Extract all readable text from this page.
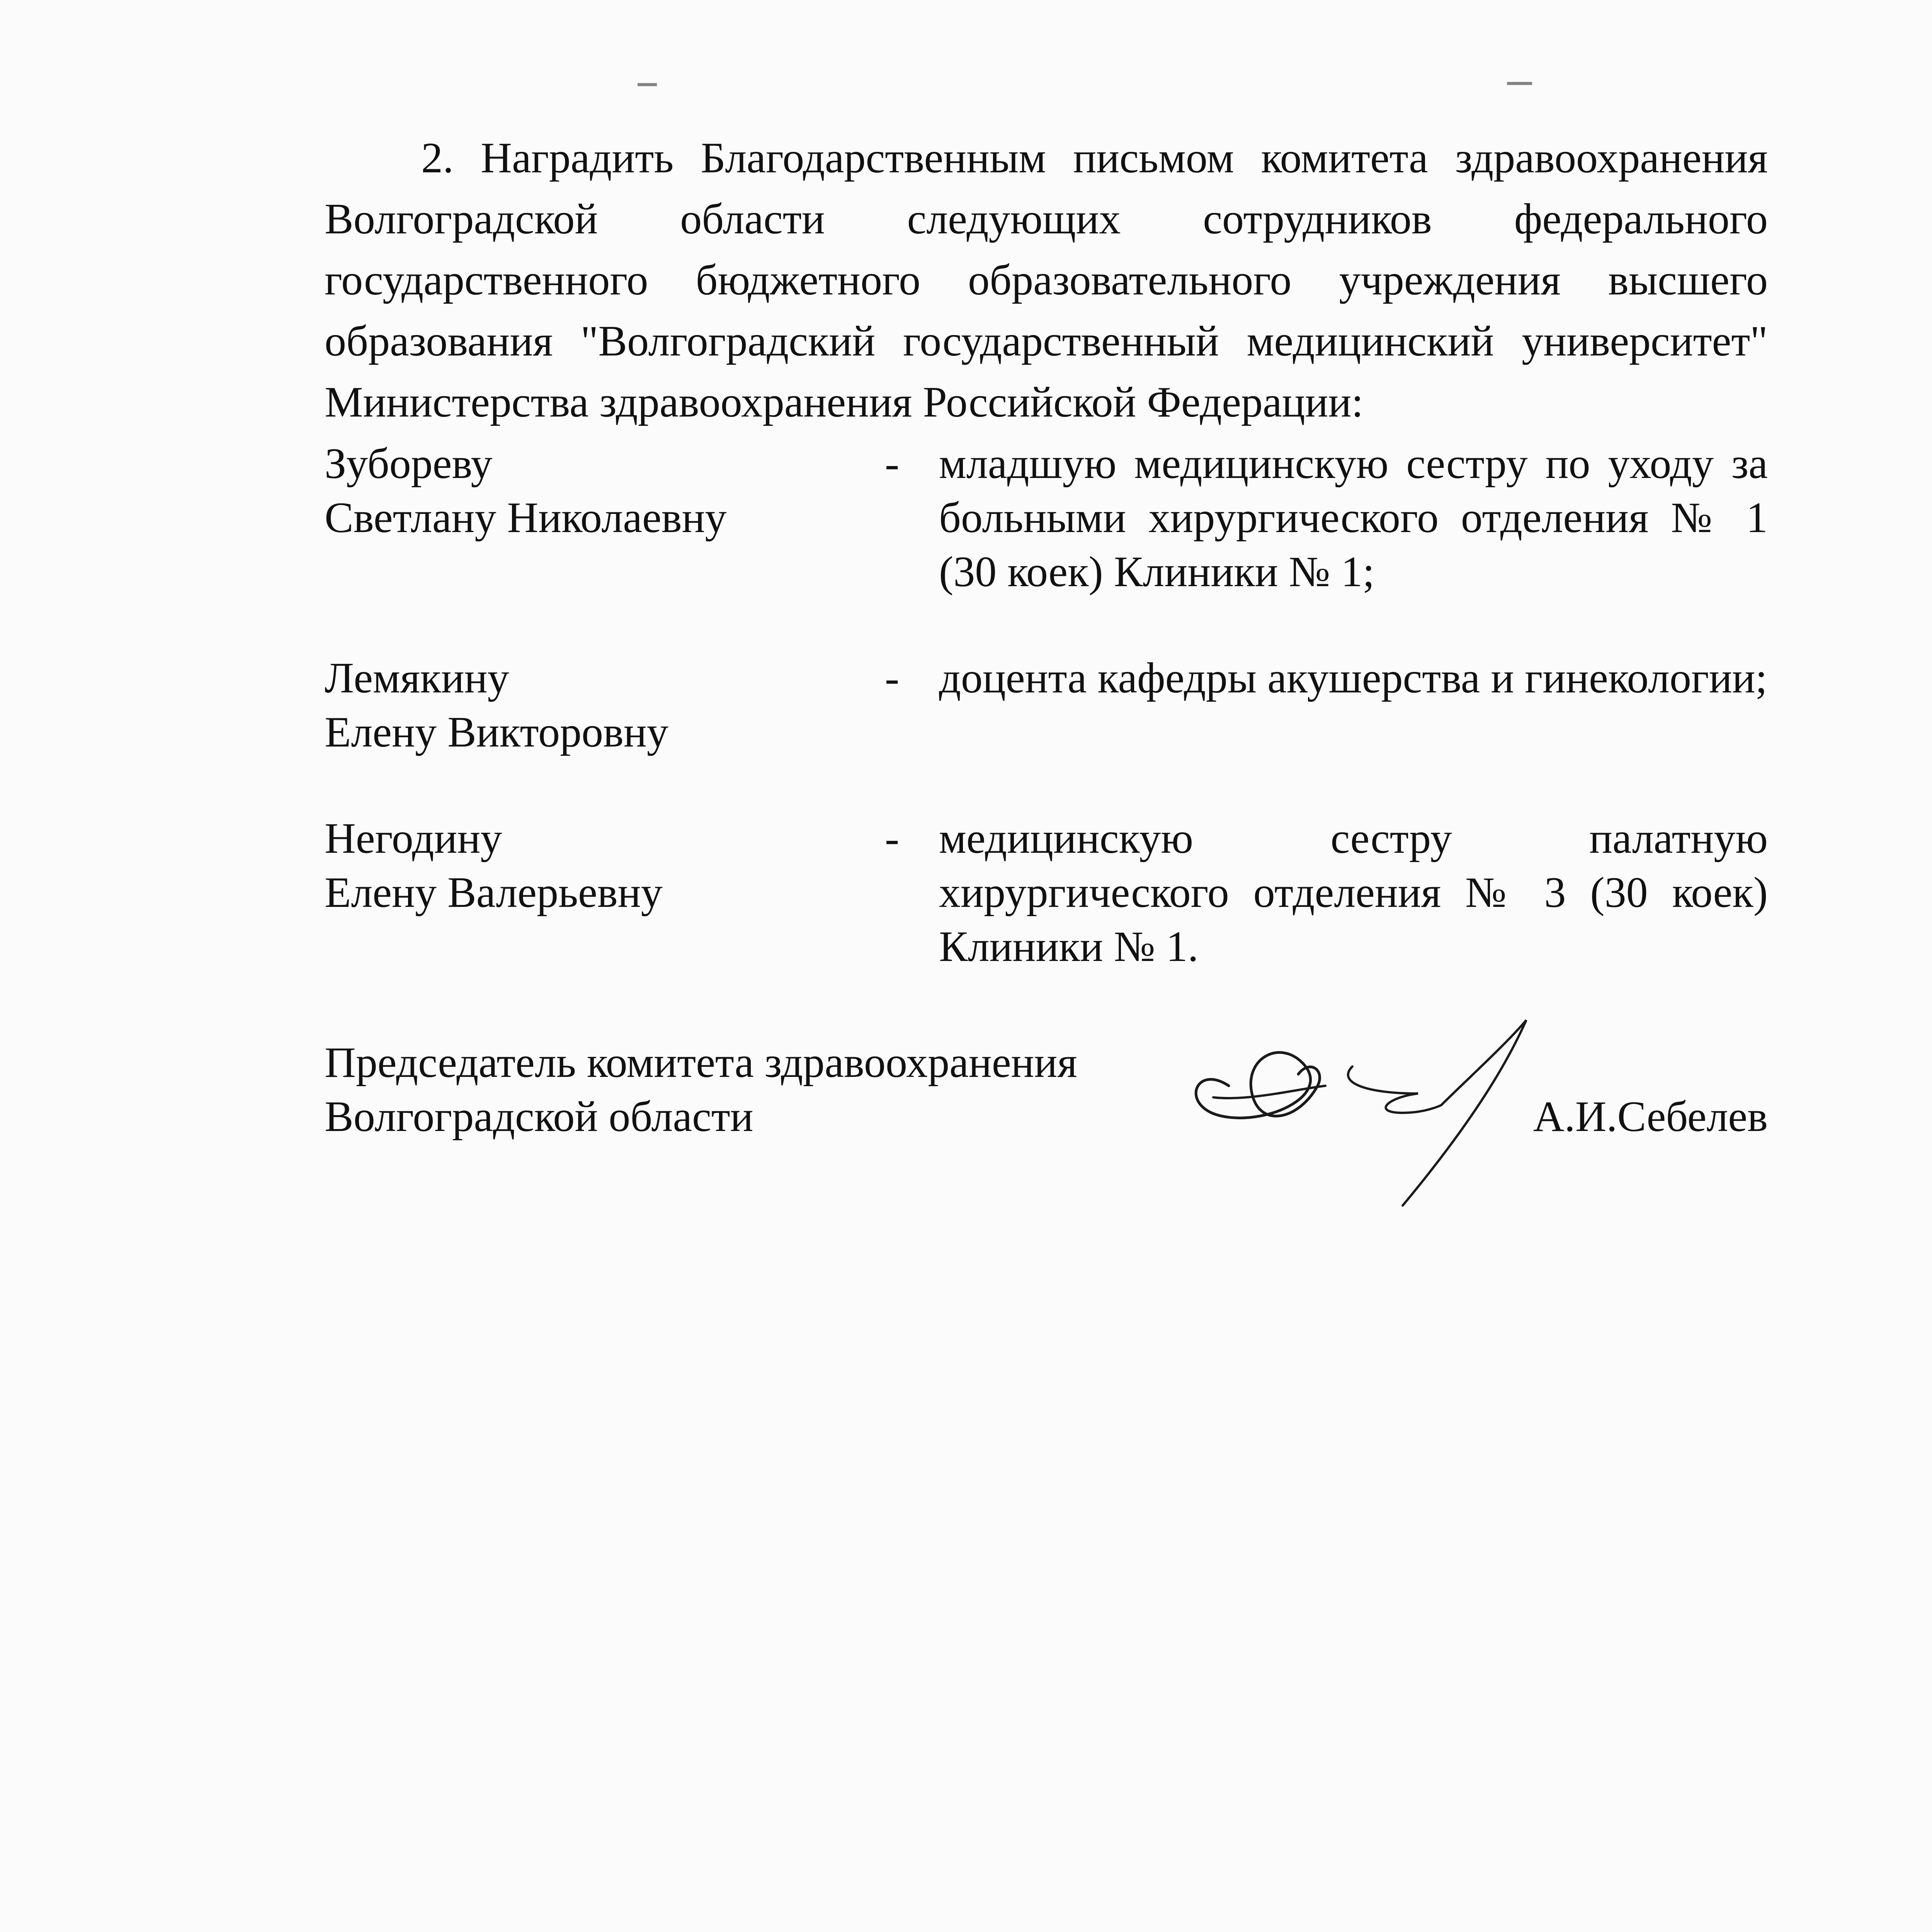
2. Наградить Благодарственным письмом комитета здравоохранения Волгоградской области следующих сотрудников федерального государственного бюджетного образовательного учреждения высшего образования "Волгоградский государственный медицинский университет" Министерства здравоохранения Российской Федерации:

Зубореву
Светлану Николаевну

- младшую медицинскую сестру по уходу за больными хирургического отделения № 1 (30 коек) Клиники № 1;
Лемякину
Елену Викторовну
- доцента кафедры акушерства и гинекологии;
Негодину
Елену Валерьевну

- медицинскую сестру палатную хирургического отделения № 3 (30 коек) Клиники № 1.
Председатель комитета здравоохранения
Волгоградской области	А.И.Себелев
